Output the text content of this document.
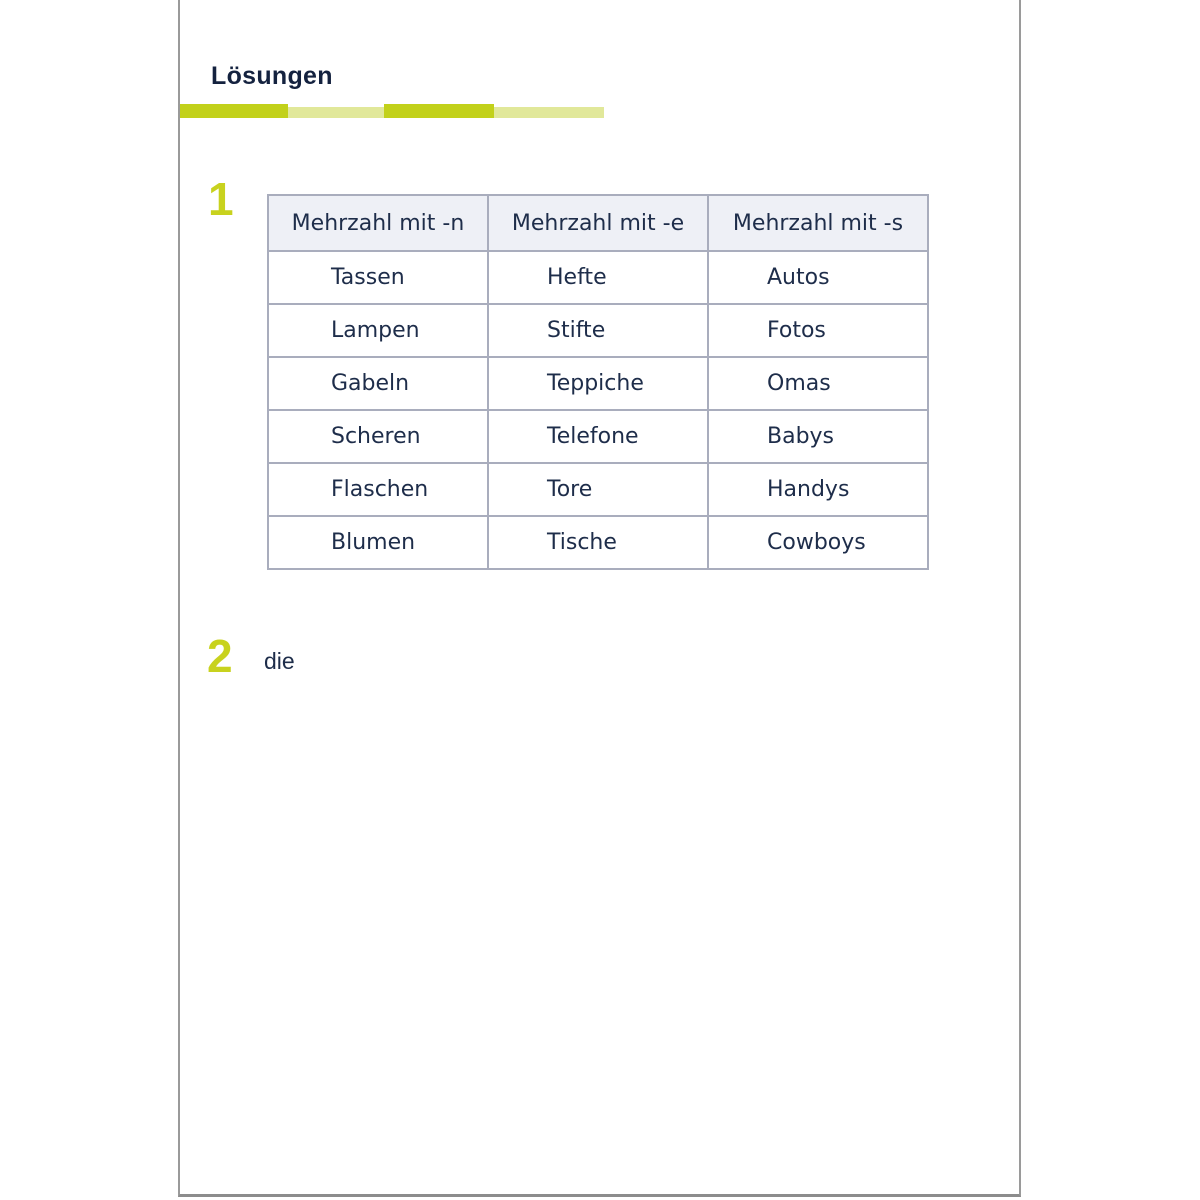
Lösungen
1	Mehrzahl mit -n	Mehrzahl mit -e	Mehrzahl mit -s
Tassen	Hefte	Autos
Lampen	Stifte	Fotos
Gabeln	Teppiche	Omas
Scheren	Telefone	Babys
Flaschen	Tore	Handys
Blumen	Tische	Cowboys
2 die
